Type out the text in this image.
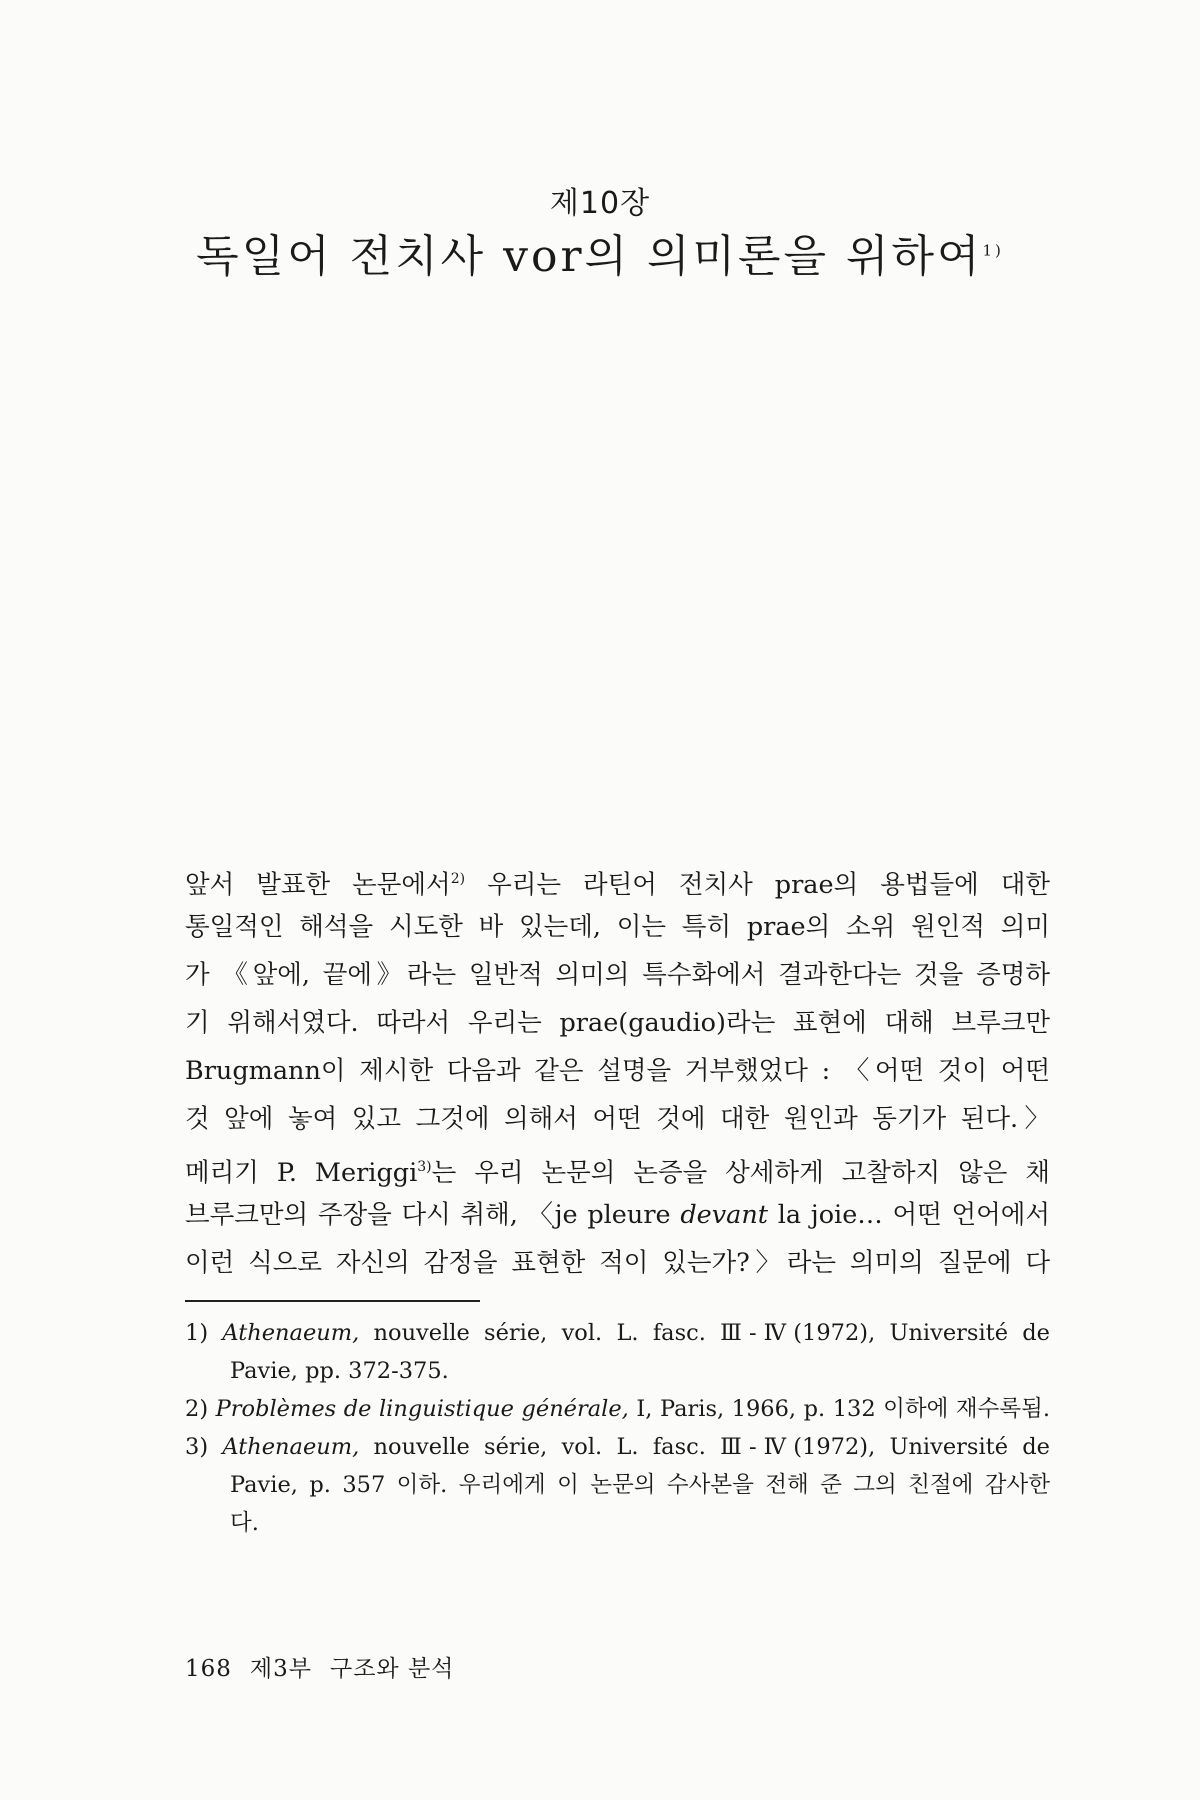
제10장
독일어 전치사 vor의 의미론을 위하여$^{1)}$
앞서 발표한 논문에서$^{2)}$ 우리는 라틴어 전치사 prae의 용법들에 대한
통일적인 해석을 시도한 바 있는데, 이는 특히 prae의 소위 원인적 의미
가 《앞에, 끝에》라는 일반적 의미의 특수화에서 결과한다는 것을 증명하
기 위해서였다. 따라서 우리는 prae(gaudio)라는 표현에 대해 브루크만
Brugmann이 제시한 다음과 같은 설명을 거부했었다 : 〈어떤 것이 어떤
것 앞에 놓여 있고 그것에 의해서 어떤 것에 대한 원인과 동기가 된다.〉
메리기 P. Meriggi$^{3)}$는 우리 논문의 논증을 상세하게 고찰하지 않은 채
브루크만의 주장을 다시 취해, 〈je pleure devant la joie… 어떤 언어에서
이런 식으로 자신의 감정을 표현한 적이 있는가?〉라는 의미의 질문에 다
1) Athenaeum, nouvelle série, vol. L. fasc. Ⅲ-Ⅳ(1972), Université de
Pavie, pp. 372-375.
2) Problèmes de linguistique générale, I, Paris, 1966, p. 132 이하에 재수록됨.
3) Athenaeum, nouvelle série, vol. L. fasc. Ⅲ-Ⅳ(1972), Université de
Pavie, p. 357 이하. 우리에게 이 논문의 수사본을 전해 준 그의 친절에 감사한
다.
168 제3부 구조와 분석
